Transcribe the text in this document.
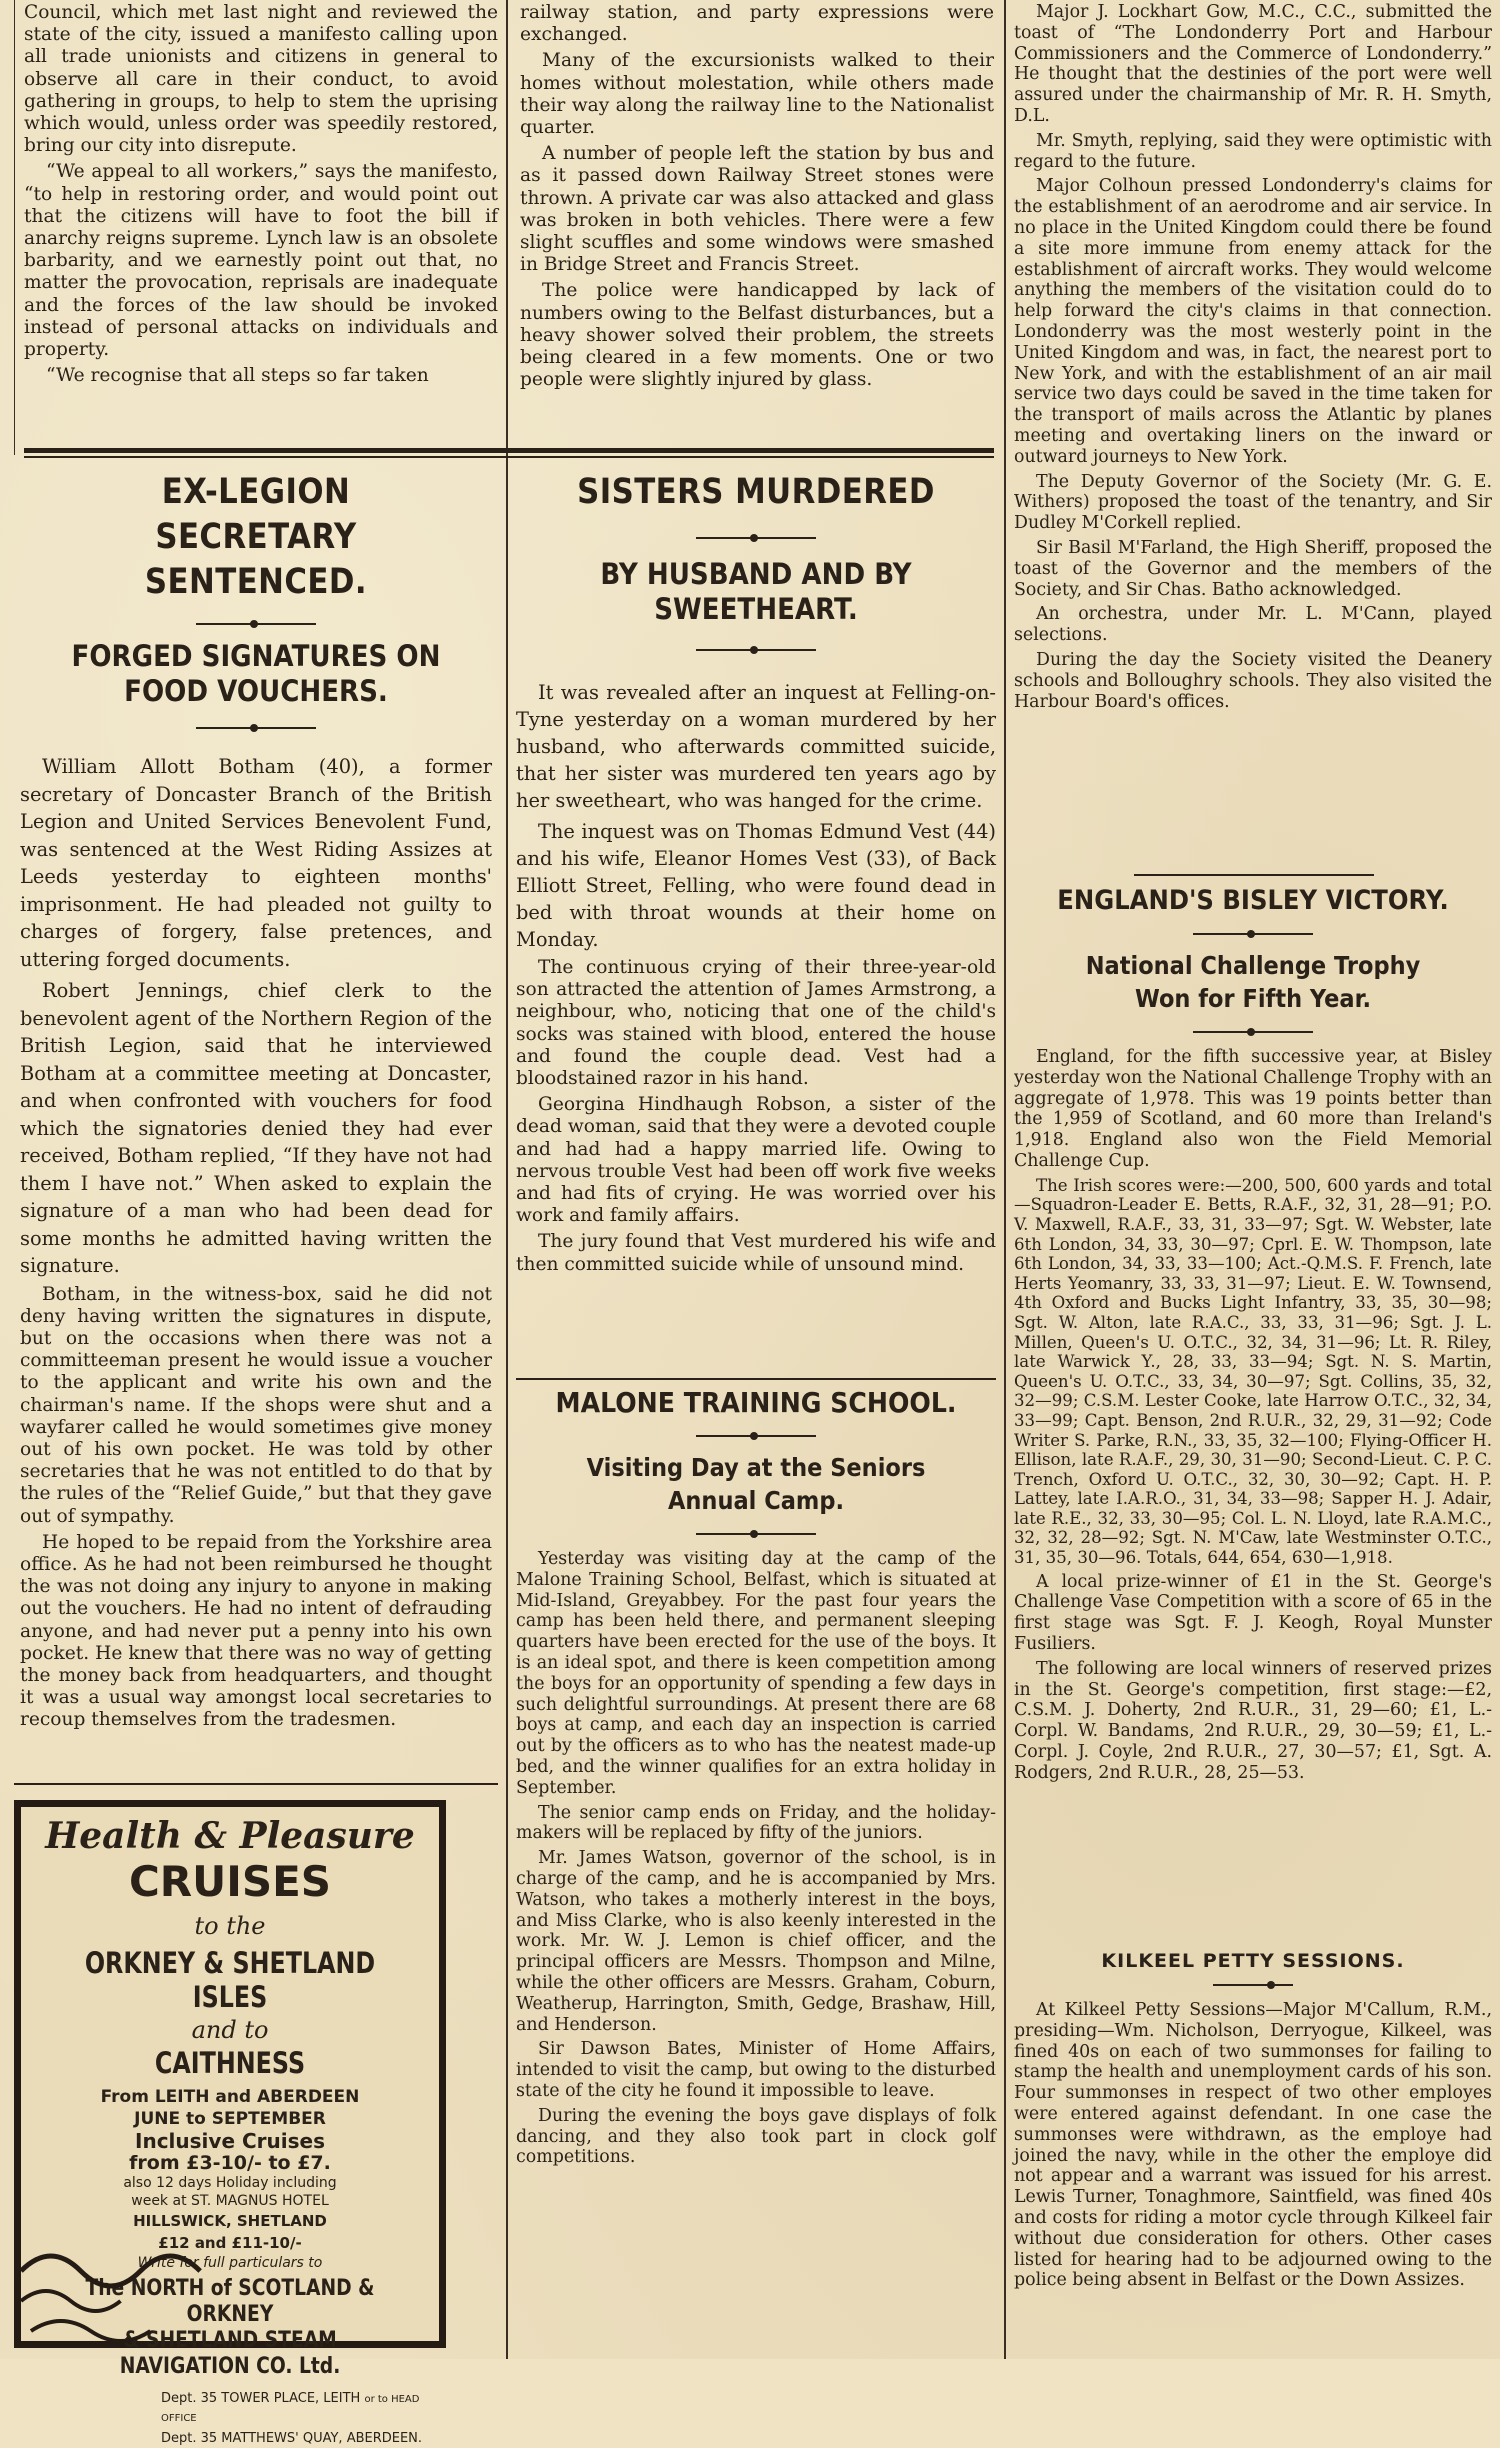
Council, which met last night and reviewed the state of the city, issued a manifesto calling upon all trade unionists and citizens in general to observe all care in their conduct, to avoid gathering in groups, to help to stem the uprising which would, unless order was speedily restored, bring our city into disrepute.

“We appeal to all workers,” says the manifesto, “to help in restoring order, and would point out that the citizens will have to foot the bill if anarchy reigns supreme. Lynch law is an obsolete barbarity, and we earnestly point out that, no matter the provocation, reprisals are inadequate and the forces of the law should be invoked instead of personal attacks on individuals and property.

“We recognise that all steps so far taken

railway station, and party expressions were exchanged.

Many of the excursionists walked to their homes without molestation, while others made their way along the railway line to the Nationalist quarter.

A number of people left the station by bus and as it passed down Railway Street stones were thrown. A private car was also attacked and glass was broken in both vehicles. There were a few slight scuffles and some windows were smashed in Bridge Street and Francis Street.

The police were handicapped by lack of numbers owing to the Belfast disturbances, but a heavy shower solved their problem, the streets being cleared in a few moments. One or two people were slightly injured by glass.

EX-LEGION SECRETARY SENTENCED.
FORGED SIGNATURES ON FOOD VOUCHERS.

William Allott Botham (40), a former secretary of Doncaster Branch of the British Legion and United Services Benevolent Fund, was sentenced at the West Riding Assizes at Leeds yesterday to eighteen months' imprisonment. He had pleaded not guilty to charges of forgery, false pretences, and uttering forged documents.

Robert Jennings, chief clerk to the benevolent agent of the Northern Region of the British Legion, said that he interviewed Botham at a committee meeting at Doncaster, and when confronted with vouchers for food which the signatories denied they had ever received, Botham replied, “If they have not had them I have not.” When asked to explain the signature of a man who had been dead for some months he admitted having written the signature.

Botham, in the witness-box, said he did not deny having written the signatures in dispute, but on the occasions when there was not a committeeman present he would issue a voucher to the applicant and write his own and the chairman's name. If the shops were shut and a wayfarer called he would sometimes give money out of his own pocket. He was told by other secretaries that he was not entitled to do that by the rules of the “Relief Guide,” but that they gave out of sympathy.

He hoped to be repaid from the Yorkshire area office. As he had not been reimbursed he thought the was not doing any injury to anyone in making out the vouchers. He had no intent of defrauding anyone, and had never put a penny into his own pocket. He knew that there was no way of getting the money back from headquarters, and thought it was a usual way amongst local secretaries to recoup themselves from the tradesmen.

Health & Pleasure CRUISES
to the
ORKNEY & SHETLAND ISLES
and to
CAITHNESS
From LEITH and ABERDEEN
JUNE to SEPTEMBER
Inclusive Cruises
from £3-10/- to £7.
also 12 days Holiday including
week at ST. MAGNUS HOTEL
HILLSWICK, SHETLAND
£12 and £11-10/-
Write for full particulars to
The NORTH of SCOTLAND & ORKNEY
& SHETLAND STEAM NAVIGATION CO. Ltd.
Dept. 35 TOWER PLACE, LEITH or to HEAD OFFICE
Dept. 35 MATTHEWS' QUAY, ABERDEEN.
SISTERS MURDERED
BY HUSBAND AND BY SWEETHEART.

It was revealed after an inquest at Felling-on-Tyne yesterday on a woman murdered by her husband, who afterwards committed suicide, that her sister was murdered ten years ago by her sweetheart, who was hanged for the crime.

The inquest was on Thomas Edmund Vest (44) and his wife, Eleanor Homes Vest (33), of Back Elliott Street, Felling, who were found dead in bed with throat wounds at their home on Monday.

The continuous crying of their three-year-old son attracted the attention of James Armstrong, a neighbour, who, noticing that one of the child's socks was stained with blood, entered the house and found the couple dead. Vest had a bloodstained razor in his hand.

Georgina Hindhaugh Robson, a sister of the dead woman, said that they were a devoted couple and had had a happy married life. Owing to nervous trouble Vest had been off work five weeks and had fits of crying. He was worried over his work and family affairs.

The jury found that Vest murdered his wife and then committed suicide while of unsound mind.

MALONE TRAINING SCHOOL.
Visiting Day at the Seniors Annual Camp.

Yesterday was visiting day at the camp of the Malone Training School, Belfast, which is situated at Mid-Island, Greyabbey. For the past four years the camp has been held there, and permanent sleeping quarters have been erected for the use of the boys. It is an ideal spot, and there is keen competition among the boys for an opportunity of spending a few days in such delightful surroundings. At present there are 68 boys at camp, and each day an inspection is carried out by the officers as to who has the neatest made-up bed, and the winner qualifies for an extra holiday in September.

The senior camp ends on Friday, and the holiday-makers will be replaced by fifty of the juniors.

Mr. James Watson, governor of the school, is in charge of the camp, and he is accompanied by Mrs. Watson, who takes a motherly interest in the boys, and Miss Clarke, who is also keenly interested in the work. Mr. W. J. Lemon is chief officer, and the principal officers are Messrs. Thompson and Milne, while the other officers are Messrs. Graham, Coburn, Weatherup, Harrington, Smith, Gedge, Brashaw, Hill, and Henderson.

Sir Dawson Bates, Minister of Home Affairs, intended to visit the camp, but owing to the disturbed state of the city he found it impossible to leave.

During the evening the boys gave displays of folk dancing, and they also took part in clock golf competitions.

Major J. Lockhart Gow, M.C., C.C., submitted the toast of “The Londonderry Port and Harbour Commissioners and the Commerce of Londonderry.” He thought that the destinies of the port were well assured under the chairmanship of Mr. R. H. Smyth, D.L.

Mr. Smyth, replying, said they were optimistic with regard to the future.

Major Colhoun pressed Londonderry's claims for the establishment of an aerodrome and air service. In no place in the United Kingdom could there be found a site more immune from enemy attack for the establishment of aircraft works. They would welcome anything the members of the visitation could do to help forward the city's claims in that connection. Londonderry was the most westerly point in the United Kingdom and was, in fact, the nearest port to New York, and with the establishment of an air mail service two days could be saved in the time taken for the transport of mails across the Atlantic by planes meeting and overtaking liners on the inward or outward journeys to New York.

The Deputy Governor of the Society (Mr. G. E. Withers) proposed the toast of the tenantry, and Sir Dudley M'Corkell replied.

Sir Basil M'Farland, the High Sheriff, proposed the toast of the Governor and the members of the Society, and Sir Chas. Batho acknowledged.

An orchestra, under Mr. L. M'Cann, played selections.

During the day the Society visited the Deanery schools and Bolloughry schools. They also visited the Harbour Board's offices.

ENGLAND'S BISLEY VICTORY.
National Challenge Trophy Won for Fifth Year.

England, for the fifth successive year, at Bisley yesterday won the National Challenge Trophy with an aggregate of 1,978. This was 19 points better than the 1,959 of Scotland, and 60 more than Ireland's 1,918. England also won the Field Memorial Challenge Cup.

The Irish scores were:—200, 500, 600 yards and total—Squadron-Leader E. Betts, R.A.F., 32, 31, 28—91; P.O. V. Maxwell, R.A.F., 33, 31, 33—97; Sgt. W. Webster, late 6th London, 34, 33, 30—97; Cprl. E. W. Thompson, late 6th London, 34, 33, 33—100; Act.-Q.M.S. F. French, late Herts Yeomanry, 33, 33, 31—97; Lieut. E. W. Townsend, 4th Oxford and Bucks Light Infantry, 33, 35, 30—98; Sgt. W. Alton, late R.A.C., 33, 33, 31—96; Sgt. J. L. Millen, Queen's U. O.T.C., 32, 34, 31—96; Lt. R. Riley, late Warwick Y., 28, 33, 33—94; Sgt. N. S. Martin, Queen's U. O.T.C., 33, 34, 30—97; Sgt. Collins, 35, 32, 32—99; C.S.M. Lester Cooke, late Harrow O.T.C., 32, 34, 33—99; Capt. Benson, 2nd R.U.R., 32, 29, 31—92; Code Writer S. Parke, R.N., 33, 35, 32—100; Flying-Officer H. Ellison, late R.A.F., 29, 30, 31—90; Second-Lieut. C. P. C. Trench, Oxford U. O.T.C., 32, 30, 30—92; Capt. H. P. Lattey, late I.A.R.O., 31, 34, 33—98; Sapper H. J. Adair, late R.E., 32, 33, 30—95; Col. L. N. Lloyd, late R.A.M.C., 32, 32, 28—92; Sgt. N. M'Caw, late Westminster O.T.C., 31, 35, 30—96. Totals, 644, 654, 630—1,918.

A local prize-winner of £1 in the St. George's Challenge Vase Competition with a score of 65 in the first stage was Sgt. F. J. Keogh, Royal Munster Fusiliers.

The following are local winners of reserved prizes in the St. George's competition, first stage:—£2, C.S.M. J. Doherty, 2nd R.U.R., 31, 29—60; £1, L.-Corpl. W. Bandams, 2nd R.U.R., 29, 30—59; £1, L.-Corpl. J. Coyle, 2nd R.U.R., 27, 30—57; £1, Sgt. A. Rodgers, 2nd R.U.R., 28, 25—53.

KILKEEL PETTY SESSIONS.

At Kilkeel Petty Sessions—Major M'Callum, R.M., presiding—Wm. Nicholson, Derryogue, Kilkeel, was fined 40s on each of two summonses for failing to stamp the health and unemployment cards of his son. Four summonses in respect of two other employes were entered against defendant. In one case the summonses were withdrawn, as the employe had joined the navy, while in the other the employe did not appear and a warrant was issued for his arrest. Lewis Turner, Tonaghmore, Saintfield, was fined 40s and costs for riding a motor cycle through Kilkeel fair without due consideration for others. Other cases listed for hearing had to be adjourned owing to the police being absent in Belfast or the Down Assizes.
